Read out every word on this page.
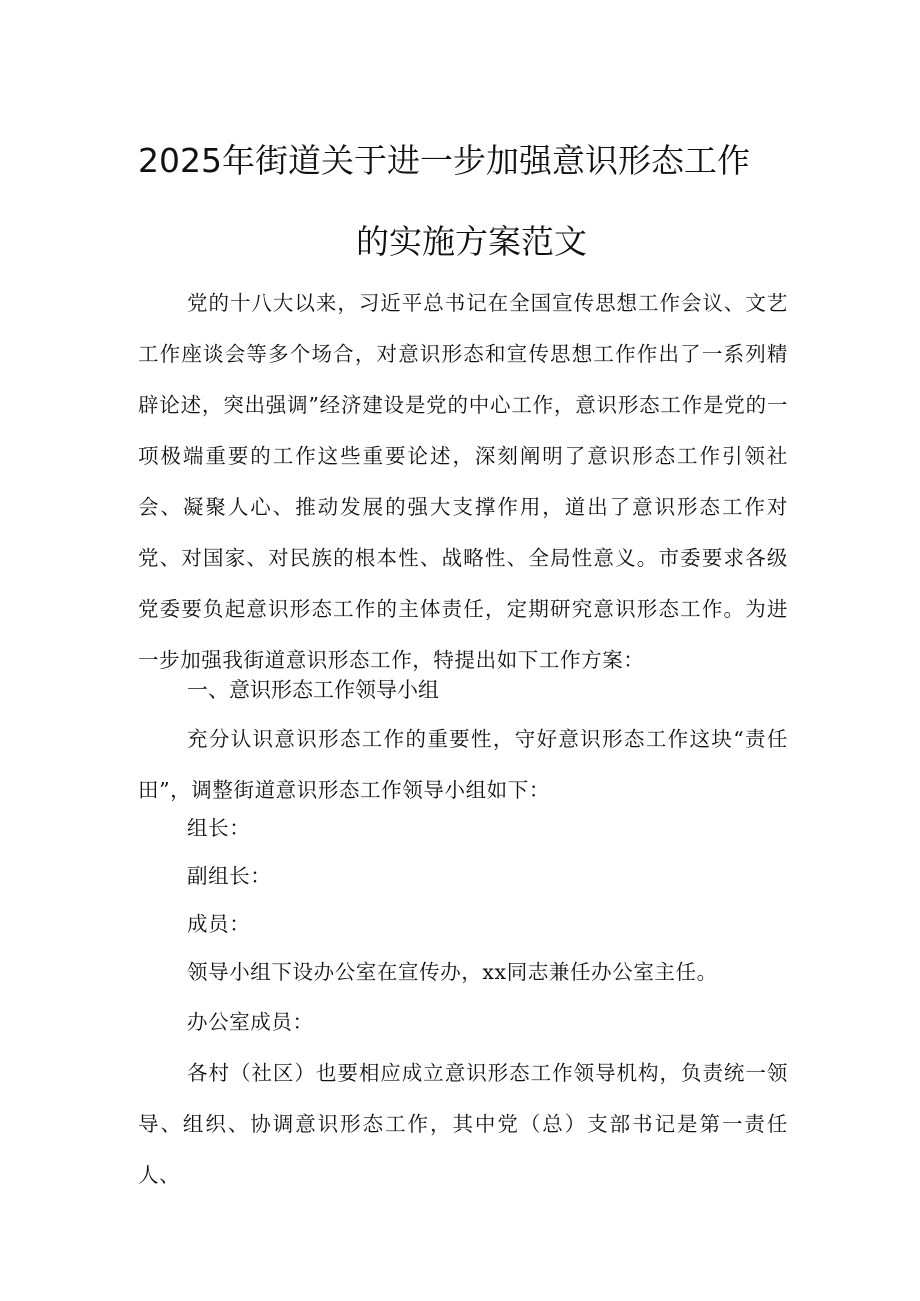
2025年街道关于进一步加强意识形态工作
的实施方案范文

党的十八大以来，习近平总书记在全国宣传思想工作会议、文艺工作座谈会等多个场合，对意识形态和宣传思想工作作出了一系列精辟论述，突出强调”经济建设是党的中心工作，意识形态工作是党的一项极端重要的工作这些重要论述，深刻阐明了意识形态工作引领社会、凝聚人心、推动发展的强大支撑作用，道出了意识形态工作对党、对国家、对民族的根本性、战略性、全局性意义。市委要求各级党委要负起意识形态工作的主体责任，定期研究意识形态工作。为进一步加强我街道意识形态工作，特提出如下工作方案：

一、意识形态工作领导小组

充分认识意识形态工作的重要性，守好意识形态工作这块“责任田”，调整街道意识形态工作领导小组如下：

组长：
副组长：
成员：
领导小组下设办公室在宣传办，xx同志兼任办公室主任。
办公室成员：

各村（社区）也要相应成立意识形态工作领导机构，负责统一领导、组织、协调意识形态工作，其中党（总）支部书记是第一责任人、
